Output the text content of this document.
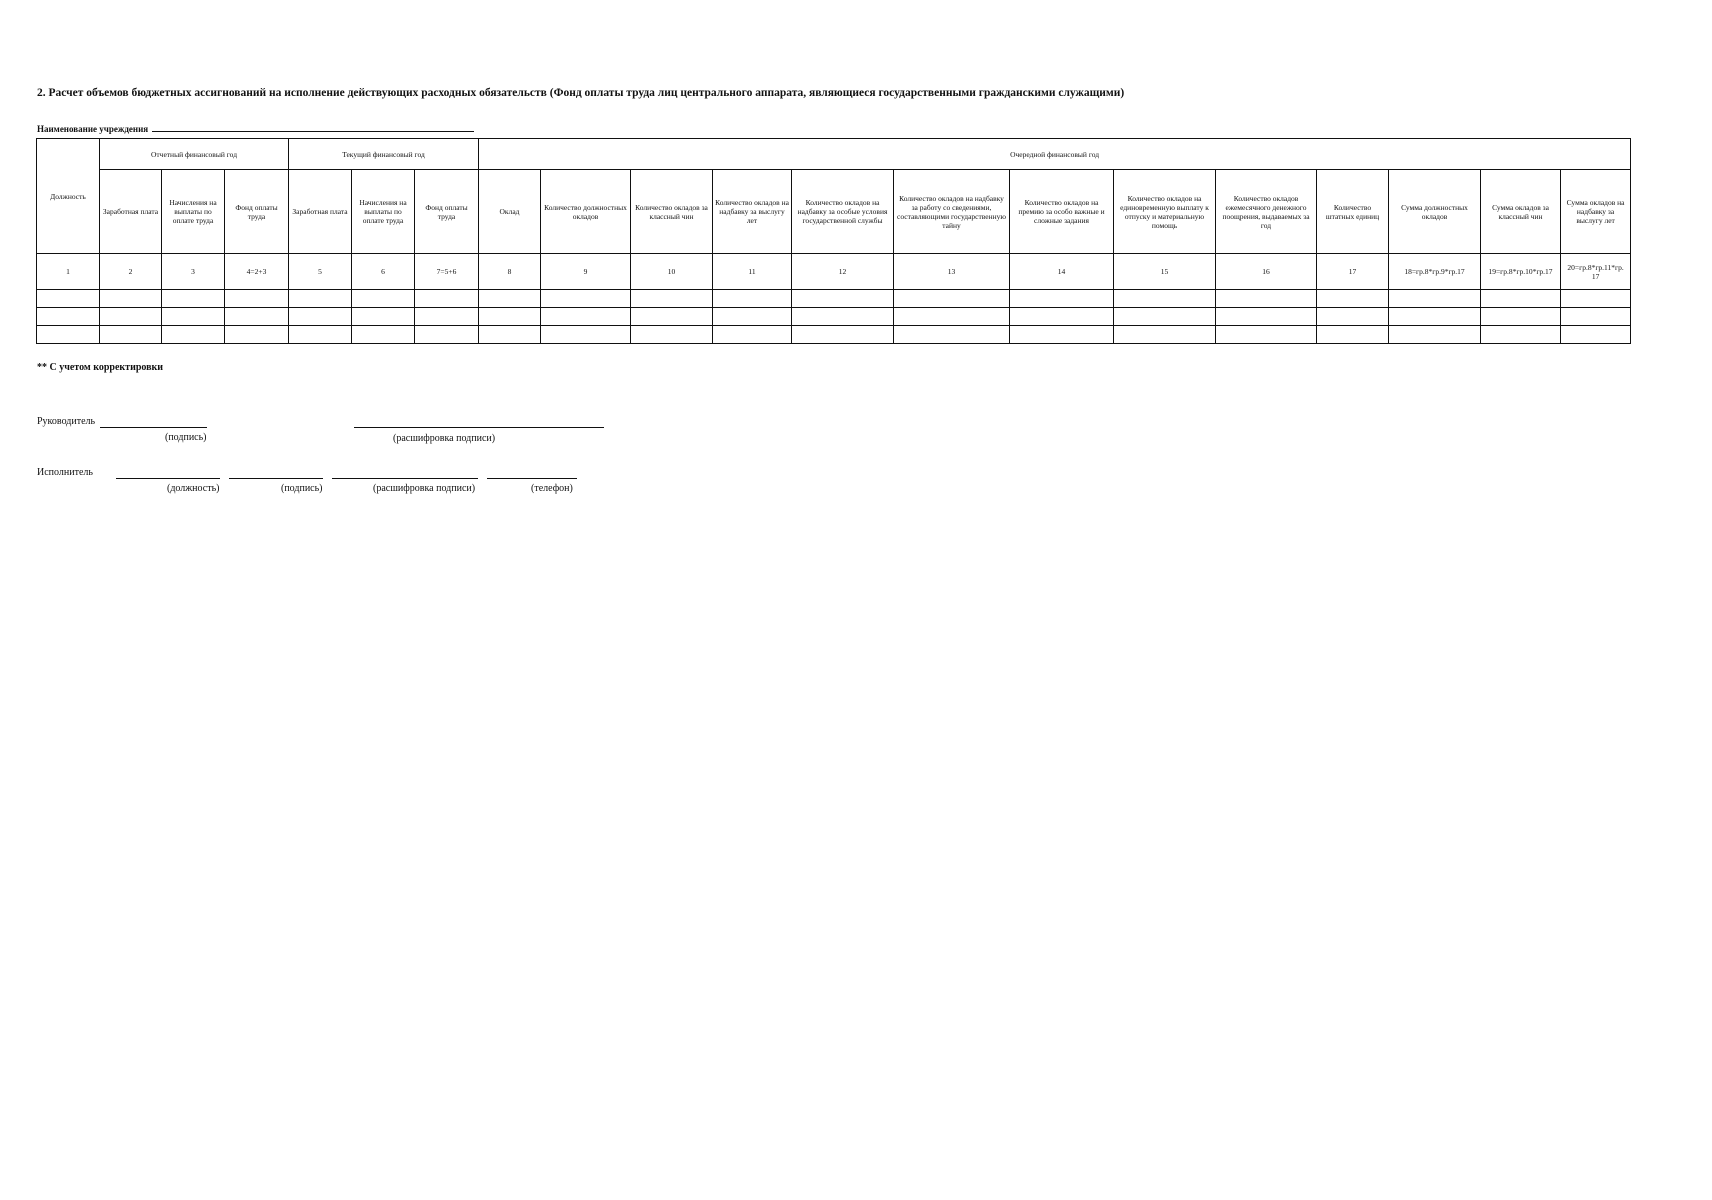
2. Расчет объемов бюджетных ассигнований на исполнение действующих расходных обязательств (Фонд оплаты труда лиц центрального аппарата, являющиеся государственными гражданскими служащими)
Наименование учреждения
Должность	Отчетный финансовый год			Текущий финансовый год			Очередной финансовый год												
	Заработная плата	Начисления на выплаты по оплате труда	Фонд оплаты труда	Заработная плата	Начисления на выплаты по оплате труда	Фонд оплаты труда	Оклад	Количество должностных окладов	Количество окладов за классный чин	Количество окладов на надбавку за выслугу лет	Количество окладов на надбавку за особые условия государственной службы	Количество окладов на надбавку за работу со сведениями, составляющими государственную тайну	Количество окладов на премию за особо важные и сложные задания	Количество окладов на единовременную выплату к отпуску и материальную помощь	Количество окладов ежемесячного денежного поощрения, выдаваемых за год	Количество штатных единиц	Сумма должностных окладов	Сумма окладов за классный чин	Сумма окладов на надбавку за выслугу лет
1	2	3	4=2+3	5	6	7=5+6	8	9	10	11	12	13	14	15	16	17	18=гр.8*гр.9*гр.17	19=гр.8*гр.10*гр.17	20=гр.8*гр.11*гр. 17

** С учетом корректировки
Руководитель
(подпись)	(расшифровка подписи)
Исполнитель
(должность)	(подпись)	(расшифровка подписи)	(телефон)
